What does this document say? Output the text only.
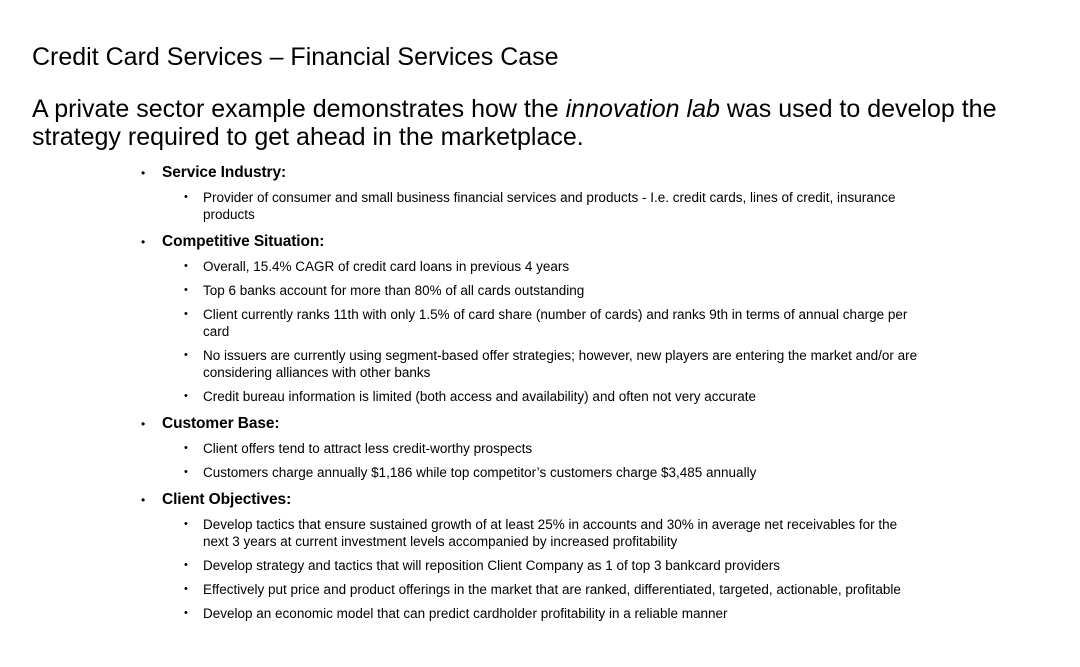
Credit Card Services – Financial Services Case
A private sector example demonstrates how the innovation lab was used to develop the strategy required to get ahead in the marketplace.
•	Service Industry:
•	Provider of consumer and small business financial services and products - I.e. credit cards, lines of credit, insurance products
•	Competitive Situation:
•	Overall, 15.4% CAGR of credit card loans in previous 4 years
•	Top 6 banks account for more than 80% of all cards outstanding
•	Client currently ranks 11th with only 1.5% of card share (number of cards) and ranks 9th in terms of annual charge per card
•	No issuers are currently using segment-based offer strategies; however, new players are entering the market and/or are considering alliances with other banks
•	Credit bureau information is limited (both access and availability) and often not very accurate
•	Customer Base:
•	Client offers tend to attract less credit-worthy prospects
•	Customers charge annually $1,186 while top competitor’s customers charge $3,485 annually
•	Client Objectives:
•	Develop tactics that ensure sustained growth of at least 25% in accounts and 30% in average net receivables for the next 3 years at current investment levels accompanied by increased profitability
•	Develop strategy and tactics that will reposition Client Company as 1 of top 3 bankcard providers
•	Effectively put price and product offerings in the market that are ranked, differentiated, targeted, actionable, profitable
•	Develop an economic model that can predict cardholder profitability in a reliable manner
